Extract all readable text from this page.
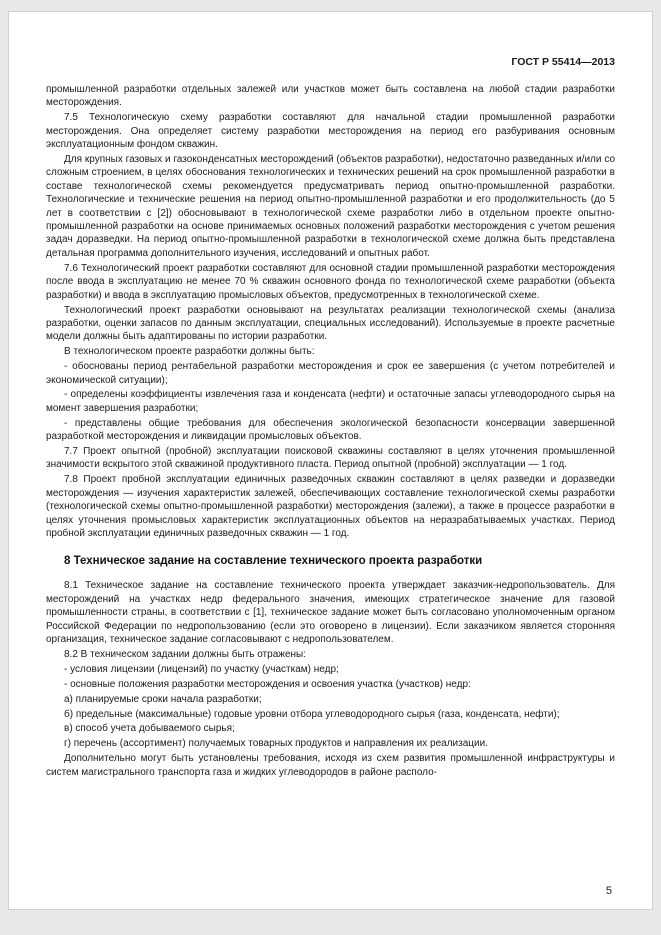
ГОСТ Р 55414—2013

промышленной разработки отдельных залежей или участков может быть составлена на любой стадии разработки месторождения.

7.5 Технологическую схему разработки составляют для начальной стадии промышленной разработки месторождения. Она определяет систему разработки месторождения на период его разбуривания основным эксплуатационным фондом скважин.

Для крупных газовых и газоконденсатных месторождений (объектов разработки), недостаточно разведанных и/или со сложным строением, в целях обоснования технологических и технических решений на срок промышленной разработки в составе технологической схемы рекомендуется предусматривать период опытно-промышленной разработки. Технологические и технические решения на период опытно-промышленной разработки и его продолжительность (до 5 лет в соответствии с [2]) обосновывают в технологической схеме разработки либо в отдельном проекте опытно-промышленной разработки на основе принимаемых основных положений разработки месторождения с учетом решения задач доразведки. На период опытно-промышленной разработки в технологической схеме должна быть представлена детальная программа дополнительного изучения, исследований и опытных работ.

7.6 Технологический проект разработки составляют для основной стадии промышленной разработки месторождения после ввода в эксплуатацию не менее 70 % скважин основного фонда по технологической схеме разработки (объекта разработки) и ввода в эксплуатацию промысловых объектов, предусмотренных в технологической схеме.

Технологический проект разработки основывают на результатах реализации технологической схемы (анализа разработки, оценки запасов по данным эксплуатации, специальных исследований). Используемые в проекте расчетные модели должны быть адаптированы по истории разработки.

В технологическом проекте разработки должны быть:

- обоснованы период рентабельной разработки месторождения и срок ее завершения (с учетом потребителей и экономической ситуации);

- определены коэффициенты извлечения газа и конденсата (нефти) и остаточные запасы углеводородного сырья на момент завершения разработки;

- представлены общие требования для обеспечения экологической безопасности консервации завершенной разработкой месторождения и ликвидации промысловых объектов.

7.7 Проект опытной (пробной) эксплуатации поисковой скважины составляют в целях уточнения промышленной значимости вскрытого этой скважиной продуктивного пласта. Период опытной (пробной) эксплуатации — 1 год.

7.8 Проект пробной эксплуатации единичных разведочных скважин составляют в целях разведки и доразведки месторождения — изучения характеристик залежей, обеспечивающих составление технологической схемы разработки (технологической схемы опытно-промышленной разработки) месторождения (залежи), а также в процессе разработки в целях уточнения промысловых характеристик эксплуатационных объектов на неразрабатываемых участках. Период пробной эксплуатации единичных разведочных скважин — 1 год.

8 Техническое задание на составление технического проекта разработки

8.1 Техническое задание на составление технического проекта утверждает заказчик-недропользователь. Для месторождений на участках недр федерального значения, имеющих стратегическое значение для газовой промышленности страны, в соответствии с [1], техническое задание может быть согласовано уполномоченным органом Российской Федерации по недропользованию (если это оговорено в лицензии). Если заказчиком является сторонняя организация, техническое задание согласовывают с недропользователем.

8.2 В техническом задании должны быть отражены:

- условия лицензии (лицензий) по участку (участкам) недр;

- основные положения разработки месторождения и освоения участка (участков) недр:

а) планируемые сроки начала разработки;

б) предельные (максимальные) годовые уровни отбора углеводородного сырья (газа, конденсата, нефти);

в) способ учета добываемого сырья;

г) перечень (ассортимент) получаемых товарных продуктов и направления их реализации.

Дополнительно могут быть установлены требования, исходя из схем развития промышленной инфраструктуры и систем магистрального транспорта газа и жидких углеводородов в районе располо-

5
